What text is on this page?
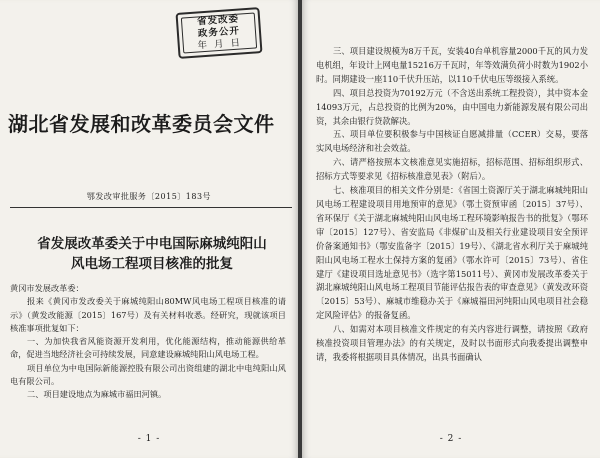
省发改委
政务公开
年 月 日
湖北省发展和改革委员会文件
鄂发改审批服务〔2015〕183号
省发展改革委关于中电国际麻城纯阳山
风电场工程项目核准的批复

黄冈市发展改革委：

报来《黄冈市发改委关于麻城纯阳山80MW风电场工程项目核准的请示》（黄发改能源〔2015〕167号）及有关材料收悉。经研究，现就该项目核准事项批复如下：

一、为加快我省风能资源开发利用，优化能源结构，推动能源供给革命，促进当地经济社会可持续发展，同意建设麻城纯阳山风电场工程。

项目单位为中电国际新能源控股有限公司出资组建的湖北中电纯阳山风电有限公司。

二、项目建设地点为麻城市福田河镇。

- 1 -

三、项目建设规模为8万千瓦，安装40台单机容量2000千瓦的风力发电机组，年设计上网电量15216万千瓦时，年等效满负荷小时数为1902小时。同期建设一座110千伏升压站，以110千伏电压等级接入系统。

四、项目总投资为70192万元（不含送出系统工程投资），其中资本金14093万元，占总投资的比例为20%，由中国电力新能源发展有限公司出资，其余由银行贷款解决。

五、项目单位要积极参与中国核证自愿减排量（CCER）交易，要落实风电场经济和社会效益。

六、请严格按照本文核准意见实施招标，招标范围、招标组织形式、招标方式等要求见《招标核准意见表》（附后）。

七、核准项目的相关文件分别是：《省国土资源厅关于湖北麻城纯阳山风电场工程建设项目用地预审的意见》（鄂土资预审函〔2015〕37号）、省环保厅《关于湖北麻城纯阳山风电场工程环境影响报告书的批复》（鄂环审〔2015〕127号）、省安监局《非煤矿山及相关行业建设项目安全预评价备案通知书》（鄂安监备字〔2015〕19号）、《湖北省水利厅关于麻城纯阳山风电场工程水土保持方案的复函》（鄂水许可〔2015〕73号）、省住建厅《建设项目选址意见书》（选字第15011号）、黄冈市发展改革委关于湖北麻城纯阳山风电场工程项目节能评估报告表的审查意见》（黄发改环资〔2015〕53号）、麻城市维稳办关于《麻城福田河纯阳山风电项目社会稳定风险评估》的报备复函。

八、如需对本项目核准文件规定的有关内容进行调整，请按照《政府核准投资项目管理办法》的有关规定，及时以书面形式向我委提出调整申请，我委将根据项目具体情况，出具书面确认

- 2 -
